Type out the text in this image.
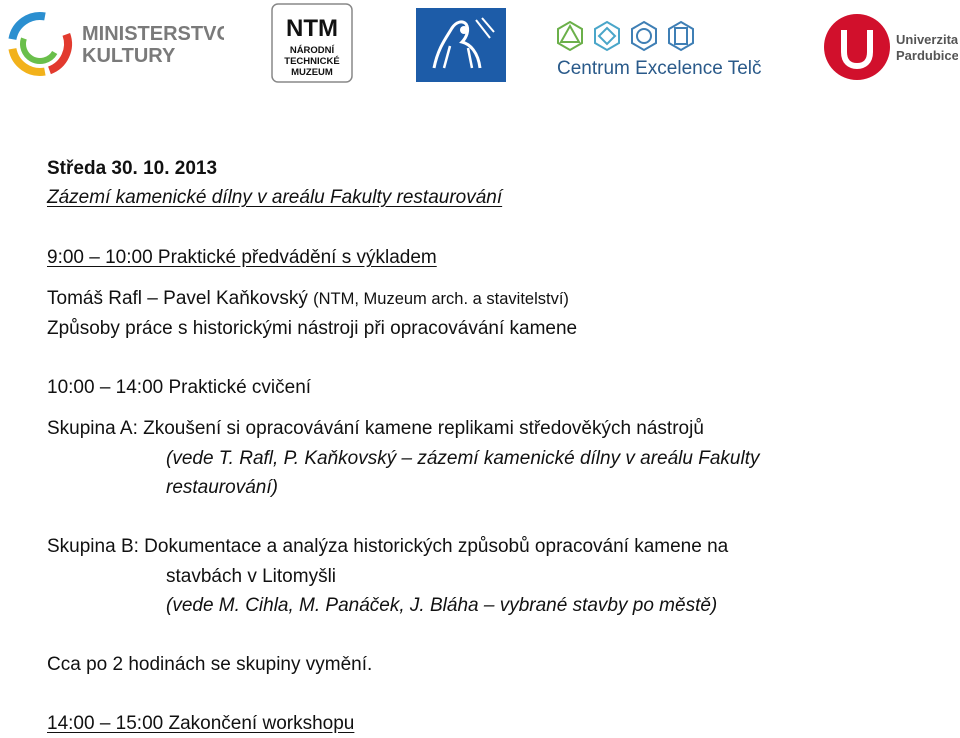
MINISTERSTVO
KULTURY
NTM
NÁRODNÍ
TECHNICKÉ
MUZEUM	Centrum Excelence Telč
Univerzita
Pardubice
Středa 30. 10. 2013
Zázemí kamenické dílny v areálu Fakulty restaurování
9:00 – 10:00 Praktické předvádění s výkladem
Tomáš Rafl – Pavel Kaňkovský (NTM, Muzeum arch. a stavitelství)
Způsoby práce s historickými nástroji při opracovávání kamene
10:00 – 14:00 Praktické cvičení
Skupina A: Zkoušení si opracovávání kamene replikami středověkých nástrojů
(vede T. Rafl, P. Kaňkovský – zázemí kamenické dílny v areálu Fakulty
restaurování)
Skupina B: Dokumentace a analýza historických způsobů opracování kamene na
stavbách v Litomyšli
(vede M. Cihla, M. Panáček, J. Bláha – vybrané stavby po městě)
Cca po 2 hodinách se skupiny vymění.
14:00 – 15:00 Zakončení workshopu
